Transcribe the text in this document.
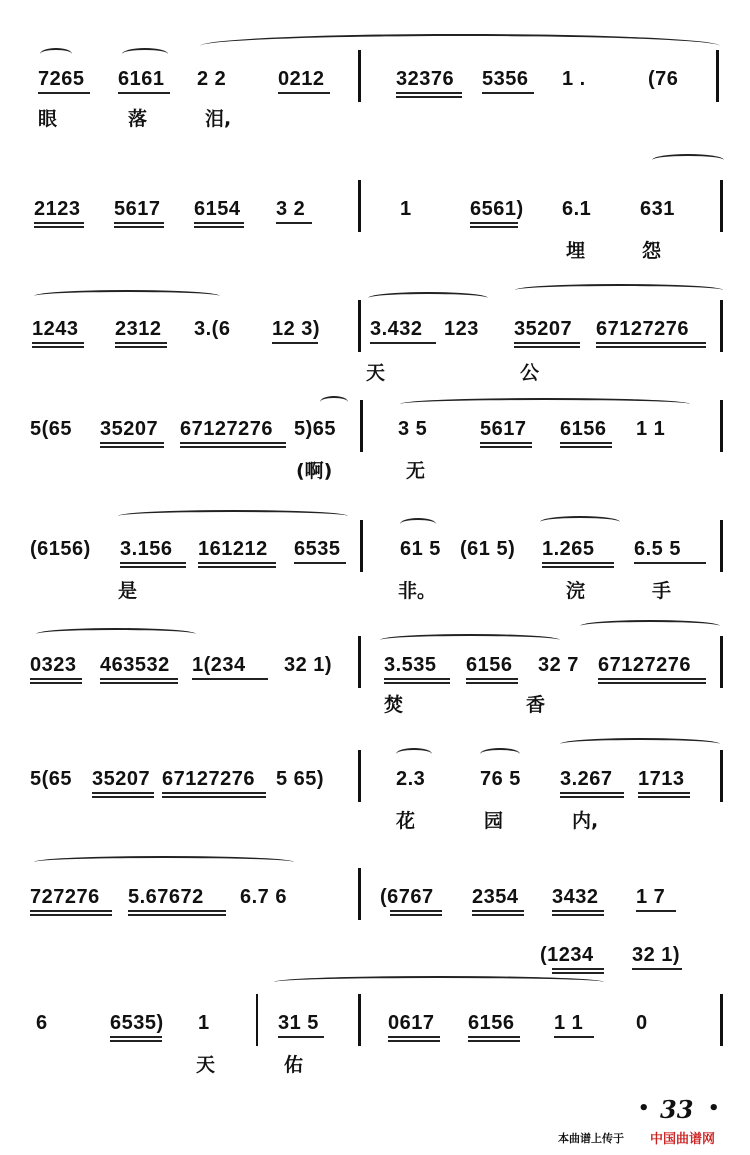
7265 6161 2 2	0212	32376 5356 1 .	(76
眼	落	泪,
2123 5617 6154 3 2	1	6561) 6.1 631
埋	怨
1243 2312 3.(6 12 3) 3.432 123 35207 67127276
天	公
5(65 35207 67127276 5)65	3 5	5617 6156 1 1
(啊)	无
(6156) 3.156 161212 6535	61 5 (61 5) 1.265 6.5 5
是	非。	浣	手
0323 463532 1(234 32 1)	3.535 6156 32 7 67127276
焚	香
5(65 35207 67127276 5 65)	2.3	76 5 3.267 1713
花	园	内,
727276 5.67672 6.7 6	(6767 2354 3432 1 7
(1234 32 1)
6	6535) 1	31 5	0617 6156 1 1	0
天	佑
• 33 •
本曲谱上传于 中国曲谱网
